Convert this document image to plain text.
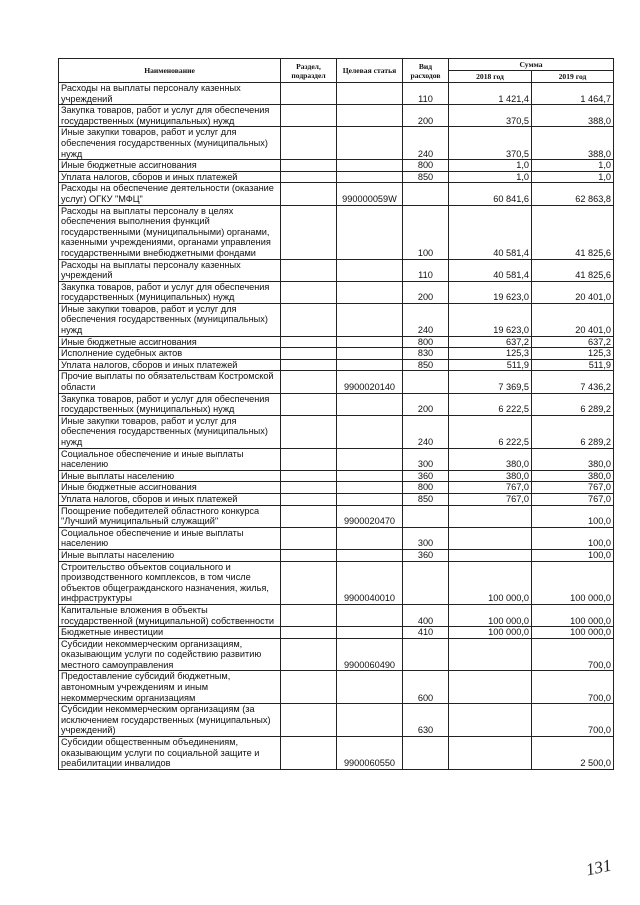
Наименование	Раздел, подраздел	Целевая статья	Вид расходов	Сумма	
				2018 год	2019 год
Расходы на выплаты персоналу казенных учреждений			110	1 421,4	1 464,7
Закупка товаров, работ и услуг для обеспечения государственных (муниципальных) нужд			200	370,5	388,0
Иные закупки товаров, работ и услуг для обеспечения государственных (муниципальных) нужд			240	370,5	388,0
Иные бюджетные ассигнования			800	1,0	1,0
Уплата налогов, сборов и иных платежей			850	1,0	1,0
Расходы на обеспечение деятельности (оказание услуг) ОГКУ "МФЦ"		990000059W		60 841,6	62 863,8
Расходы на выплаты персоналу в целях обеспечения выполнения функций государственными (муниципальными) органами, казенными учреждениями, органами управления государственными внебюджетными фондами			100	40 581,4	41 825,6
Расходы на выплаты персоналу казенных учреждений			110	40 581,4	41 825,6
Закупка товаров, работ и услуг для обеспечения государственных (муниципальных) нужд			200	19 623,0	20 401,0
Иные закупки товаров, работ и услуг для обеспечения государственных (муниципальных) нужд			240	19 623,0	20 401,0
Иные бюджетные ассигнования			800	637,2	637,2
Исполнение судебных актов			830	125,3	125,3
Уплата налогов, сборов и иных платежей			850	511,9	511,9
Прочие выплаты по обязательствам Костромской области		9900020140		7 369,5	7 436,2
Закупка товаров, работ и услуг для обеспечения государственных (муниципальных) нужд			200	6 222,5	6 289,2
Иные закупки товаров, работ и услуг для обеспечения государственных (муниципальных) нужд			240	6 222,5	6 289,2
Социальное обеспечение и иные выплаты населению			300	380,0	380,0
Иные выплаты населению			360	380,0	380,0
Иные бюджетные ассигнования			800	767,0	767,0
Уплата налогов, сборов и иных платежей			850	767,0	767,0
Поощрение победителей областного конкурса "Лучший муниципальный служащий"		9900020470			100,0
Социальное обеспечение и иные выплаты населению			300		100,0
Иные выплаты населению			360		100,0
Строительство объектов социального и производственного комплексов, в том числе объектов общегражданского назначения, жилья, инфраструктуры		9900040010		100 000,0	100 000,0
Капитальные вложения в объекты государственной (муниципальной) собственности			400	100 000,0	100 000,0
Бюджетные инвестиции			410	100 000,0	100 000,0
Субсидии некоммерческим организациям, оказывающим услуги по содействию развитию местного самоуправления		9900060490			700,0
Предоставление субсидий бюджетным, автономным учреждениям и иным некоммерческим организациям			600		700,0
Субсидии некоммерческим организациям (за исключением государственных (муниципальных) учреждений)			630		700,0
Субсидии общественным объединениям, оказывающим услуги по социальной защите и реабилитации инвалидов		9900060550			2 500,0
131
